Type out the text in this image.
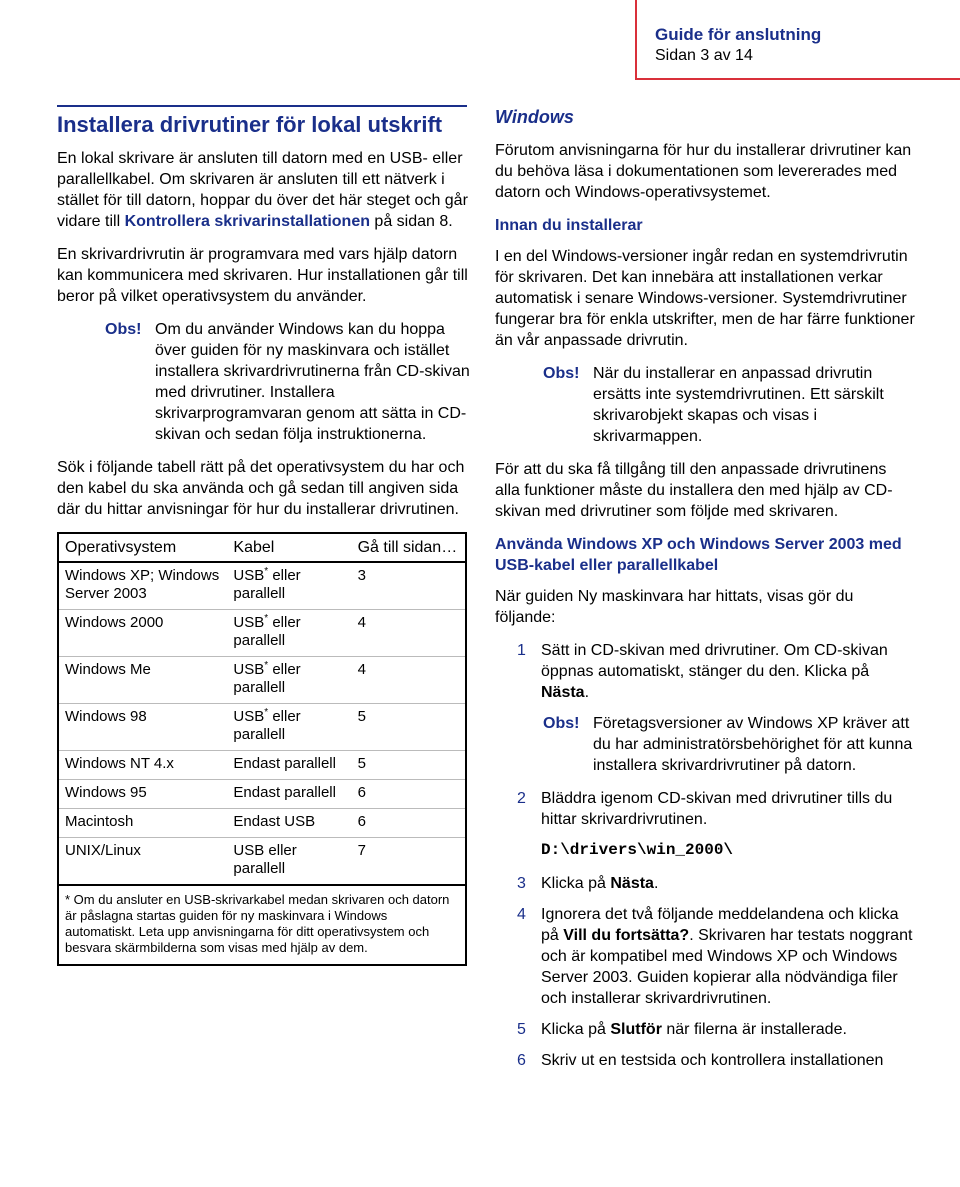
Guide för anslutning
Sidan 3 av 14
Installera drivrutiner för lokal utskrift

En lokal skrivare är ansluten till datorn med en USB- eller parallellkabel. Om skrivaren är ansluten till ett nätverk i stället för till datorn, hoppar du över det här steget och går vidare till Kontrollera skrivarinstallationen på sidan 8.

En skrivardrivrutin är programvara med vars hjälp datorn kan kommunicera med skrivaren. Hur installationen går till beror på vilket operativsystem du använder.

Obs! Om du använder Windows kan du hoppa över guiden för ny maskinvara och istället installera skrivardrivrutinerna från CD-skivan med drivrutiner. Installera skrivarprogramvaran genom att sätta in CD-skivan och sedan följa instruktionerna.

Sök i följande tabell rätt på det operativsystem du har och den kabel du ska använda och gå sedan till angiven sida där du hittar anvisningar för hur du installerar drivrutinen.

Operativsystem	Kabel	Gå till sidan…
Windows XP; Windows Server 2003	USB* eller parallell	3
Windows 2000	USB* eller parallell	4
Windows Me	USB* eller parallell	4
Windows 98	USB* eller parallell	5
Windows NT 4.x	Endast parallell	5
Windows 95	Endast parallell	6
Macintosh	Endast USB	6
UNIX/Linux	USB eller parallell	7
* Om du ansluter en USB-skrivarkabel medan skrivaren och datorn är påslagna startas guiden för ny maskinvara i Windows automatiskt. Leta upp anvisningarna för ditt operativsystem och besvara skärmbilderna som visas med hjälp av dem.		
Windows

Förutom anvisningarna för hur du installerar drivrutiner kan du behöva läsa i dokumentationen som levererades med datorn och Windows-operativsystemet.

Innan du installerar

I en del Windows-versioner ingår redan en systemdrivrutin för skrivaren. Det kan innebära att installationen verkar automatisk i senare Windows-versioner. Systemdrivrutiner fungerar bra för enkla utskrifter, men de har färre funktioner än vår anpassade drivrutin.

Obs! När du installerar en anpassad drivrutin ersätts inte systemdrivrutinen. Ett särskilt skrivarobjekt skapas och visas i skrivarmappen.

För att du ska få tillgång till den anpassade drivrutinens alla funktioner måste du installera den med hjälp av CD-skivan med drivrutiner som följde med skrivaren.

Använda Windows XP och Windows Server 2003 med USB-kabel eller parallellkabel

När guiden Ny maskinvara har hittats, visas gör du följande:

1 Sätt in CD-skivan med drivrutiner. Om CD-skivan öppnas automatiskt, stänger du den. Klicka på Nästa.
Obs! Företagsversioner av Windows XP kräver att du har administratörsbehörighet för att kunna installera skrivardrivrutiner på datorn.
2 Bläddra igenom CD-skivan med drivrutiner tills du hittar skrivardrivrutinen.
D:\drivers\win_2000\
3 Klicka på Nästa.
4 Ignorera det två följande meddelandena och klicka på Vill du fortsätta?. Skrivaren har testats noggrant och är kompatibel med Windows XP och Windows Server 2003. Guiden kopierar alla nödvändiga filer och installerar skrivardrivrutinen.
5 Klicka på Slutför när filerna är installerade.
6 Skriv ut en testsida och kontrollera installationen
